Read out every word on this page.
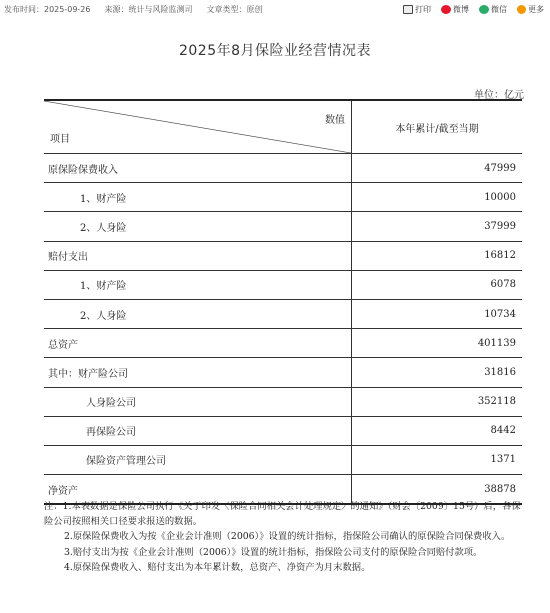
发布时间：2025-09-26 来源：统计与风险监测司 文章类型：原创	打印	微博	微信	更多
2025年8月保险业经营情况表
单位：亿元
数值
项目	本年累计/截至当期
原保险保费收入	47999
1、财产险	10000
2、人身险	37999
赔付支出	16812
1、财产险	6078
2、人身险	10734
总资产	401139
其中：财产险公司	31816
人身险公司	352118
再保险公司	8442
保险资产管理公司	1371
净资产	38878

注：1.本表数据是保险公司执行《关于印发〈保险合同相关会计处理规定〉的通知》（财会〔2009〕15号）后，各保险公司按照相关口径要求报送的数据。

2.原保险保费收入为按《企业会计准则（2006）》设置的统计指标，指保险公司确认的原保险合同保费收入。

3.赔付支出为按《企业会计准则（2006）》设置的统计指标，指保险公司支付的原保险合同赔付款项。

4.原保险保费收入、赔付支出为本年累计数，总资产、净资产为月末数据。
